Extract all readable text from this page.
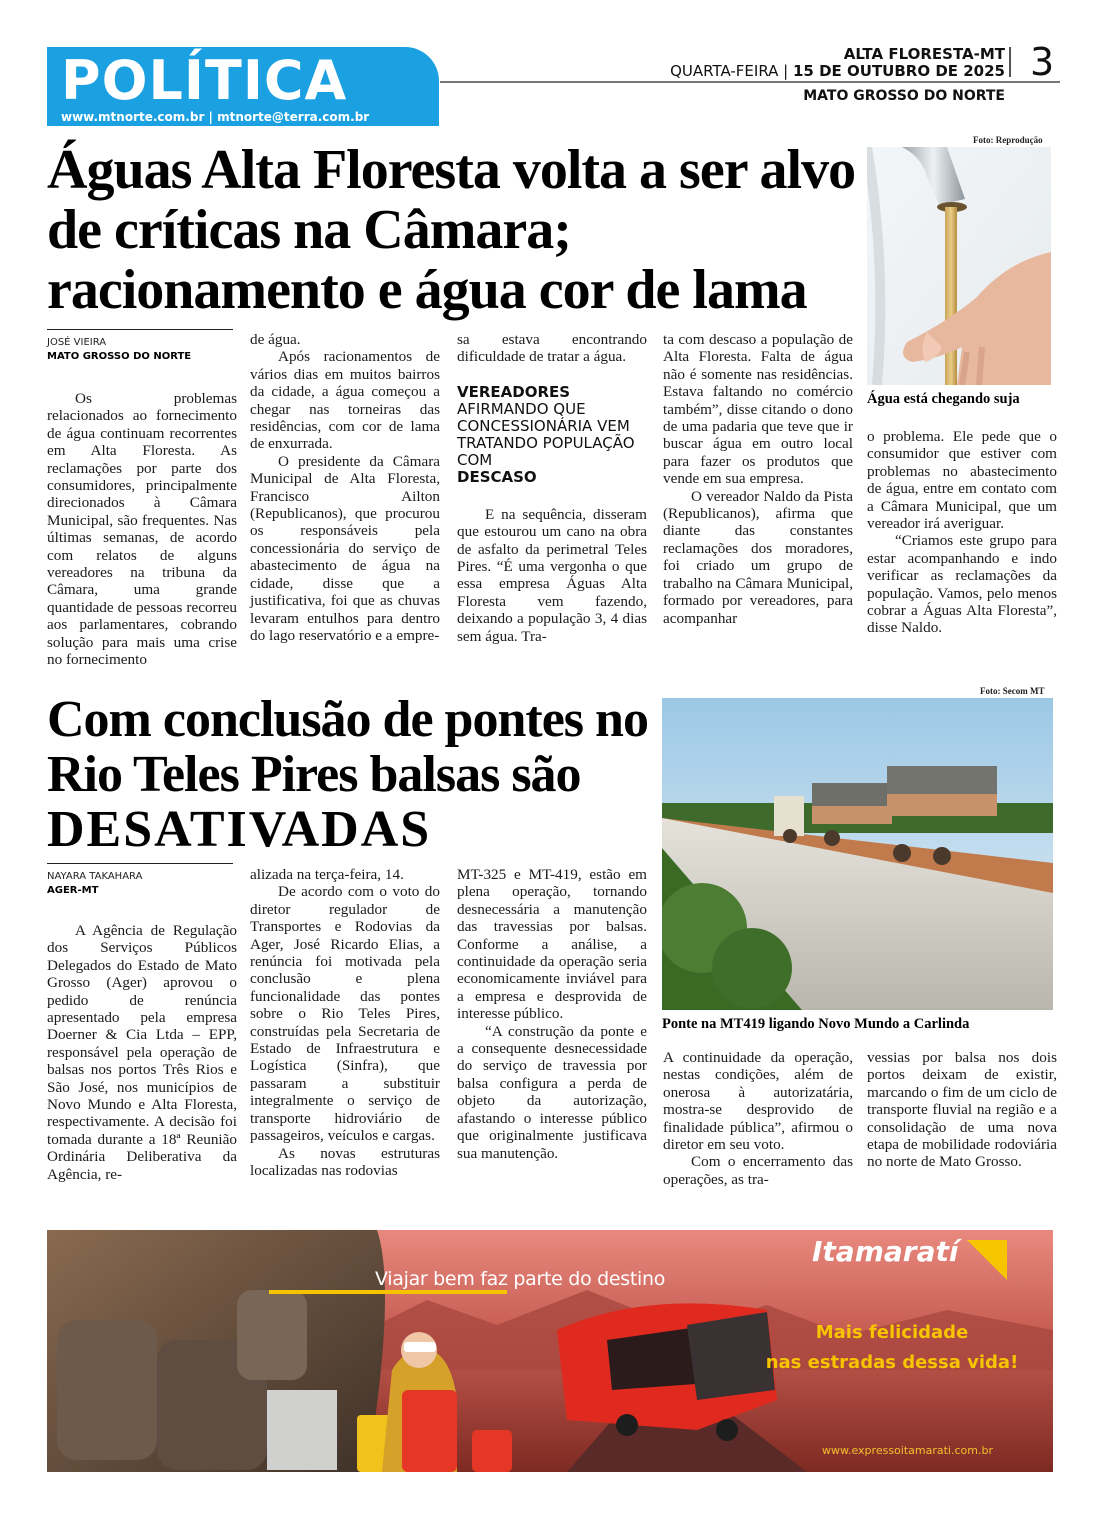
POLÍTICA
www.mtnorte.com.br | mtnorte@terra.com.br
ALTA FLORESTA-MT
QUARTA-FEIRA | 15 DE OUTUBRO DE 2025 3
MATO GROSSO DO NORTE
Águas Alta Floresta volta a ser alvo de críticas na Câmara; racionamento e água cor de lama
JOSÉ VIEIRA
MATO GROSSO DO NORTE

Os problemas relacionados ao fornecimento de água continuam recorrentes em Alta Floresta. As reclamações por parte dos consumidores, principalmente direcionados à Câmara Municipal, são frequentes. Nas últimas semanas, de acordo com relatos de alguns vereadores na tribuna da Câmara, uma grande quantidade de pessoas recorreu aos parlamentares, cobrando solução para mais uma crise no fornecimento

de água.

Após racionamentos de vários dias em muitos bairros da cidade, a água começou a chegar nas torneiras das residências, com cor de lama de enxurrada.

O presidente da Câmara Municipal de Alta Floresta, Francisco Ailton (Republicanos), que procurou os responsáveis pela concessionária do serviço de abastecimento de água na cidade, disse que a justificativa, foi que as chuvas levaram entulhos para dentro do lago reservatório e a empre-

sa estava encontrando dificuldade de tratar a água.

VEREADORES
AFIRMANDO QUE CONCESSIONÁRIA VEM TRATANDO POPULAÇÃO COM
DESCASO

E na sequência, disseram que estourou um cano na obra de asfalto da perimetral Teles Pires. “É uma vergonha o que essa empresa Águas Alta Floresta vem fazendo, deixando a população 3, 4 dias sem água. Tra-

ta com descaso a população de Alta Floresta. Falta de água não é somente nas residências. Estava faltando no comércio também”, disse citando o dono de uma padaria que teve que ir buscar água em outro local para fazer os produtos que vende em sua empresa.

O vereador Naldo da Pista (Republicanos), afirma que diante das constantes reclamações dos moradores, foi criado um grupo de trabalho na Câmara Municipal, formado por vereadores, para acompanhar

o problema. Ele pede que o consumidor que estiver com problemas no abastecimento de água, entre em contato com a Câmara Municipal, que um vereador irá averiguar.

“Criamos este grupo para estar acompanhando e indo verificar as reclamações da população. Vamos, pelo menos cobrar a Águas Alta Floresta”, disse Naldo.

Foto: Reprodução
Água está chegando suja
Com conclusão de pontes no Rio Teles Pires balsas são DESATIVADAS
NAYARA TAKAHARA
AGER-MT

A Agência de Regulação dos Serviços Públicos Delegados do Estado de Mato Grosso (Ager) aprovou o pedido de renúncia apresentado pela empresa Doerner & Cia Ltda – EPP, responsável pela operação de balsas nos portos Três Rios e São José, nos municípios de Novo Mundo e Alta Floresta, respectivamente. A decisão foi tomada durante a 18ª Reunião Ordinária Deliberativa da Agência, re-

alizada na terça-feira, 14.

De acordo com o voto do diretor regulador de Transportes e Rodovias da Ager, José Ricardo Elias, a renúncia foi motivada pela conclusão e plena funcionalidade das pontes sobre o Rio Teles Pires, construídas pela Secretaria de Estado de Infraestrutura e Logística (Sinfra), que passaram a substituir integralmente o serviço de transporte hidroviário de passageiros, veículos e cargas.

As novas estruturas localizadas nas rodovias

MT-325 e MT-419, estão em plena operação, tornando desnecessária a manutenção das travessias por balsas. Conforme a análise, a continuidade da operação seria economicamente inviável para a empresa e desprovida de interesse público.

“A construção da ponte e a consequente desnecessidade do serviço de travessia por balsa configura a perda de objeto da autorização, afastando o interesse público que originalmente justificava sua manutenção.

A continuidade da operação, nestas condições, além de onerosa à autorizatária, mostra-se desprovido de finalidade pública”, afirmou o diretor em seu voto.

Com o encerramento das operações, as tra-

vessias por balsa nos dois portos deixam de existir, marcando o fim de um ciclo de transporte fluvial na região e a consolidação de uma nova etapa de mobilidade rodoviária no norte de Mato Grosso.

Foto: Secom MT
Ponte na MT419 ligando Novo Mundo a Carlinda
Viajar bem faz parte do destino
Itamaratí
Mais felicidade
nas estradas dessa vida!
www.expressoitamarati.com.br
